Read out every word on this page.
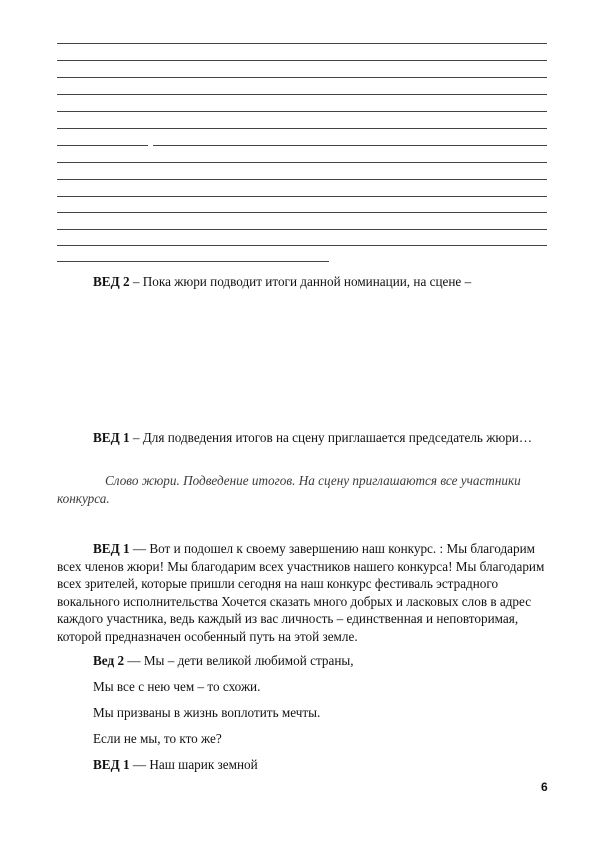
ВЕД 2 – Пока жюри подводит итоги данной номинации, на сцене –

ВЕД 1 – Для подведения итогов на сцену приглашается председатель жюри…

Слово жюри. Подведение итогов. На сцену приглашаются все участники конкурса.

ВЕД 1 — Вот и подошел к своему завершению наш конкурс. : Мы благодарим всех членов жюри! Мы благодарим всех участников нашего конкурса! Мы благодарим всех зрителей, которые пришли сегодня на наш конкурс фестиваль эстрадного вокального исполнительства Хочется сказать много добрых и ласковых слов в адрес каждого участника, ведь каждый из вас личность – единственная и неповторимая, которой предназначен особенный путь на этой земле.

Вед 2 — Мы – дети великой любимой страны,

Мы все с нею чем – то схожи.

Мы призваны в жизнь воплотить мечты.

Если не мы, то кто же?

ВЕД 1 — Наш шарик земной

6
